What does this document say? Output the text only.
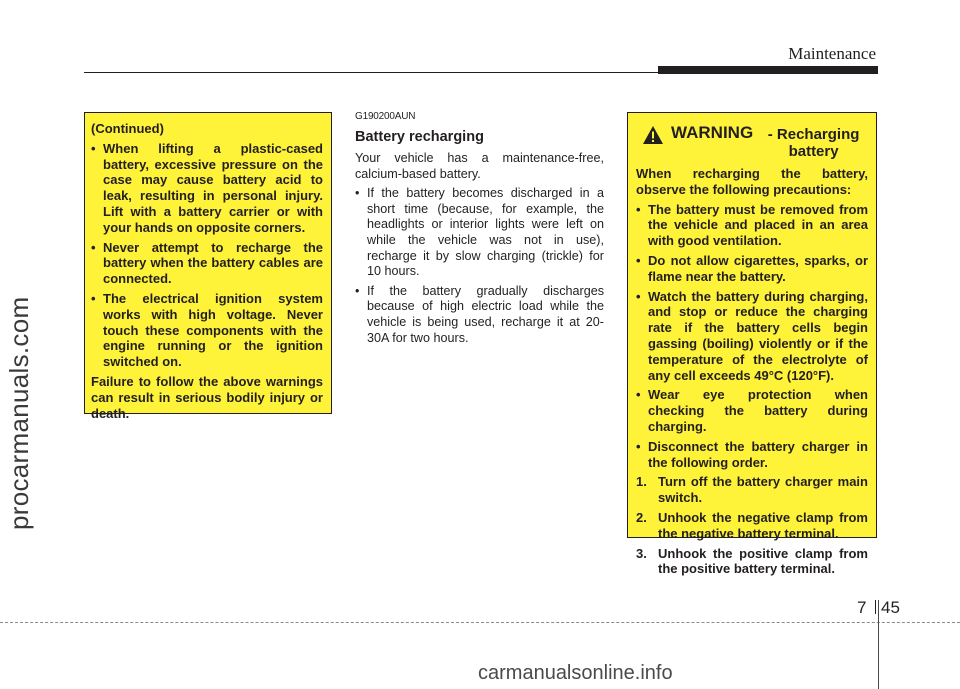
Maintenance
procarmanuals.com

(Continued)

• When lifting a plastic-cased battery, excessive pressure on the case may cause battery acid to leak, resulting in personal injury. Lift with a battery carrier or with your hands on opposite corners.
• Never attempt to recharge the battery when the battery cables are connected.
• The electrical ignition system works with high voltage. Never touch these components with the engine running or the ignition switched on.

Failure to follow the above warnings can result in serious bodily injury or death.

G190200AUN
Battery recharging
Your vehicle has a maintenance-free, calcium-based battery.
• If the battery becomes discharged in a short time (because, for example, the headlights or interior lights were left on while the vehicle was not in use), recharge it by slow charging (trickle) for 10 hours.
• If the battery gradually discharges because of high electric load while the vehicle is being used, recharge it at 20-30A for two hours.
WARNING - Recharging battery

When recharging the battery, observe the following precautions:

• The battery must be removed from the vehicle and placed in an area with good ventilation.
• Do not allow cigarettes, sparks, or flame near the battery.
• Watch the battery during charging, and stop or reduce the charging rate if the battery cells begin gassing (boiling) violently or if the temperature of the electrolyte of any cell exceeds 49°C (120°F).
• Wear eye protection when checking the battery during charging.
• Disconnect the battery charger in the following order.
1. Turn off the battery charger main switch.
2. Unhook the negative clamp from the negative battery terminal.
3. Unhook the positive clamp from the positive battery terminal.
7 45
carmanualsonline.info
